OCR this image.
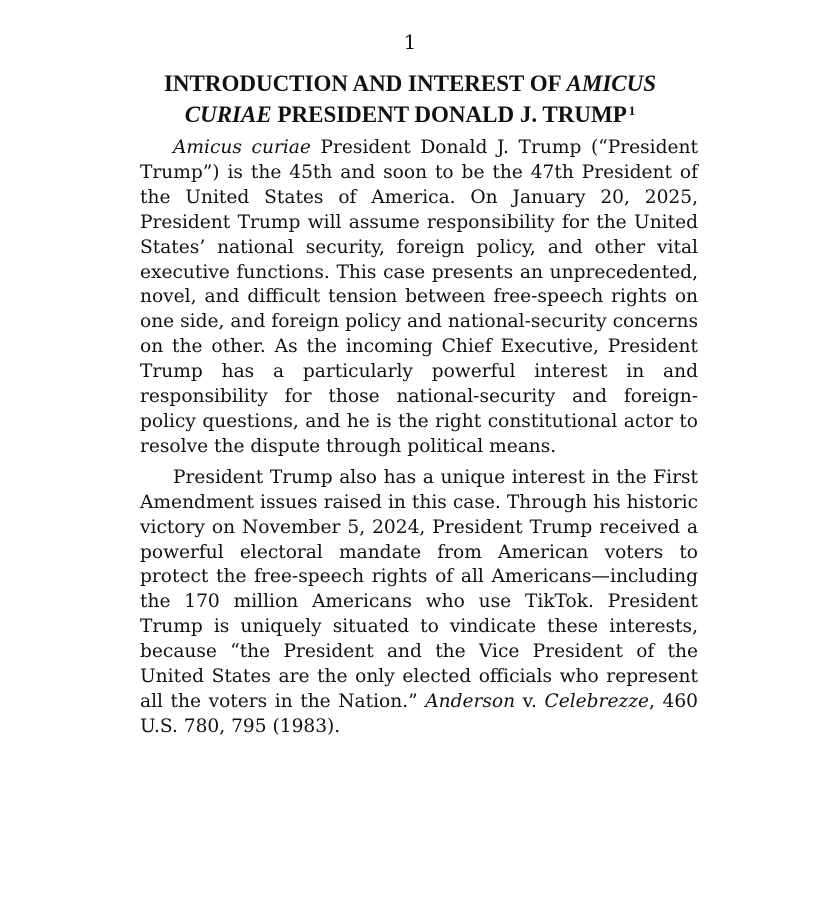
1
INTRODUCTION AND INTEREST OF AMICUS
CURIAE PRESIDENT DONALD J. TRUMP $^1$

Amicus curiae President Donald J. Trump (“President Trump”) is the 45th and soon to be the 47th President of the United States of America. On January 20, 2025, President Trump will assume responsibility for the United States’ national security, foreign policy, and other vital executive functions. This case presents an unprecedented, novel, and difficult tension between free-speech rights on one side, and foreign policy and national-security concerns on the other. As the incoming Chief Executive, President Trump has a particularly powerful interest in and responsibility for those national-security and foreign-policy questions, and he is the right constitutional actor to resolve the dispute through political means.

President Trump also has a unique interest in the First Amendment issues raised in this case. Through his historic victory on November 5, 2024, President Trump received a powerful electoral mandate from American voters to protect the free-speech rights of all Americans—including the 170 million Americans who use TikTok. President Trump is uniquely situated to vindicate these interests, because “the President and the Vice President of the United States are the only elected officials who represent all the voters in the Nation.” Anderson v. Celebrezze, 460 U.S. 780, 795 (1983).
